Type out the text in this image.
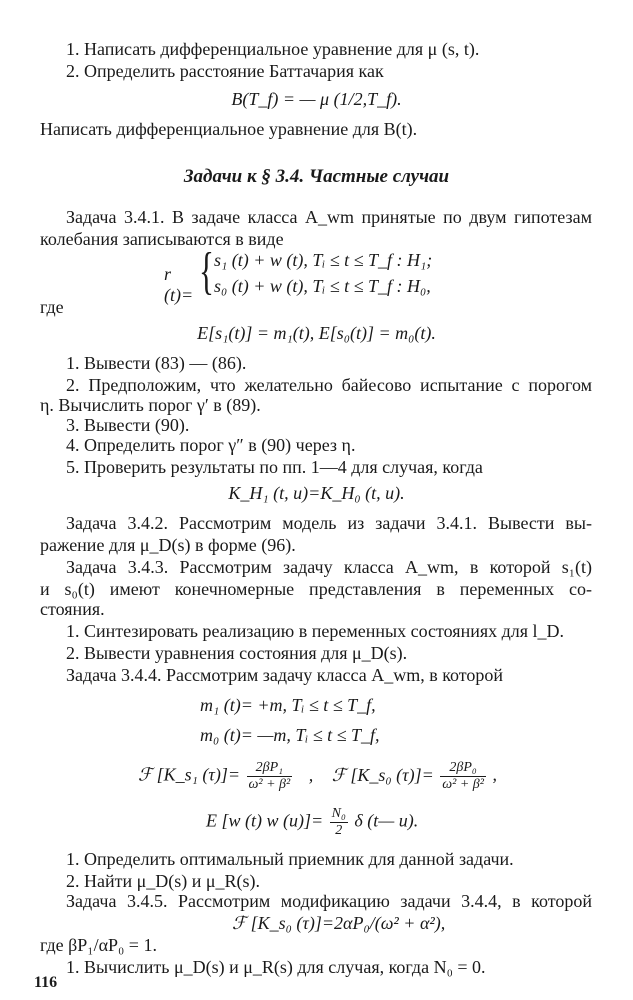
1. Написать дифференциальное уравнение для μ (s, t).
2. Определить расстояние Баттачария как
B(T_f) = — μ (1/2,T_f).
Написать дифференциальное уравнение для B(t).
Задачи к § 3.4. Частные случаи
Задача 3.4.1. В задаче класса A_wm принятые по двум гипотезам
колебания записываются в виде
r (t)= { s₁ (t) + w (t), Tᵢ ≤ t ≤ T_f : H₁;
s₀ (t) + w (t), Tᵢ ≤ t ≤ T_f : H₀,
где
E[s₁(t)] = m₁(t), E[s₀(t)] = m₀(t).
1. Вывести (83) — (86).
2. Предположим, что желательно байесово испытание с порогом
η. Вычислить порог γ′ в (89).
3. Вывести (90).
4. Определить порог γ″ в (90) через η.
5. Проверить результаты по пп. 1—4 для случая, когда
K_H₁ (t, u)=K_H₀ (t, u).
Задача 3.4.2. Рассмотрим модель из задачи 3.4.1. Вывести вы-
ражение для μ_D(s) в форме (96).
Задача 3.4.3. Рассмотрим задачу класса A_wm, в которой s₁(t)
и s₀(t) имеют конечномерные представления в переменных со-
стояния.
1. Синтезировать реализацию в переменных состояниях для l_D.
2. Вывести уравнения состояния для μ_D(s).
Задача 3.4.4. Рассмотрим задачу класса A_wm, в которой
m₁ (t)= +m, Tᵢ ≤ t ≤ T_f,
m₀ (t)= —m, Tᵢ ≤ t ≤ T_f,
ℱ [K_s₁ $(\tau)]= \frac{\text{2βP₁}}{\text{ω² + β²}}$ , ℱ [K_s₀ $(\tau)]= \frac{\text{2βP₀}}{\text{ω² + β²}}$ ,
E [w (t) w $(u)]= \frac{\text{N₀}}{2}$ δ (t— u).
1. Определить оптимальный приемник для данной задачи.
2. Найти μ_D(s) и μ_R(s).
Задача 3.4.5. Рассмотрим модификацию задачи 3.4.4, в которой
ℱ [K_s₀ (τ)]=2αP₀/(ω² + α²),
где βP₁/αP₀ = 1.
1. Вычислить μ_D(s) и μ_R(s) для случая, когда N₀ = 0.
116
